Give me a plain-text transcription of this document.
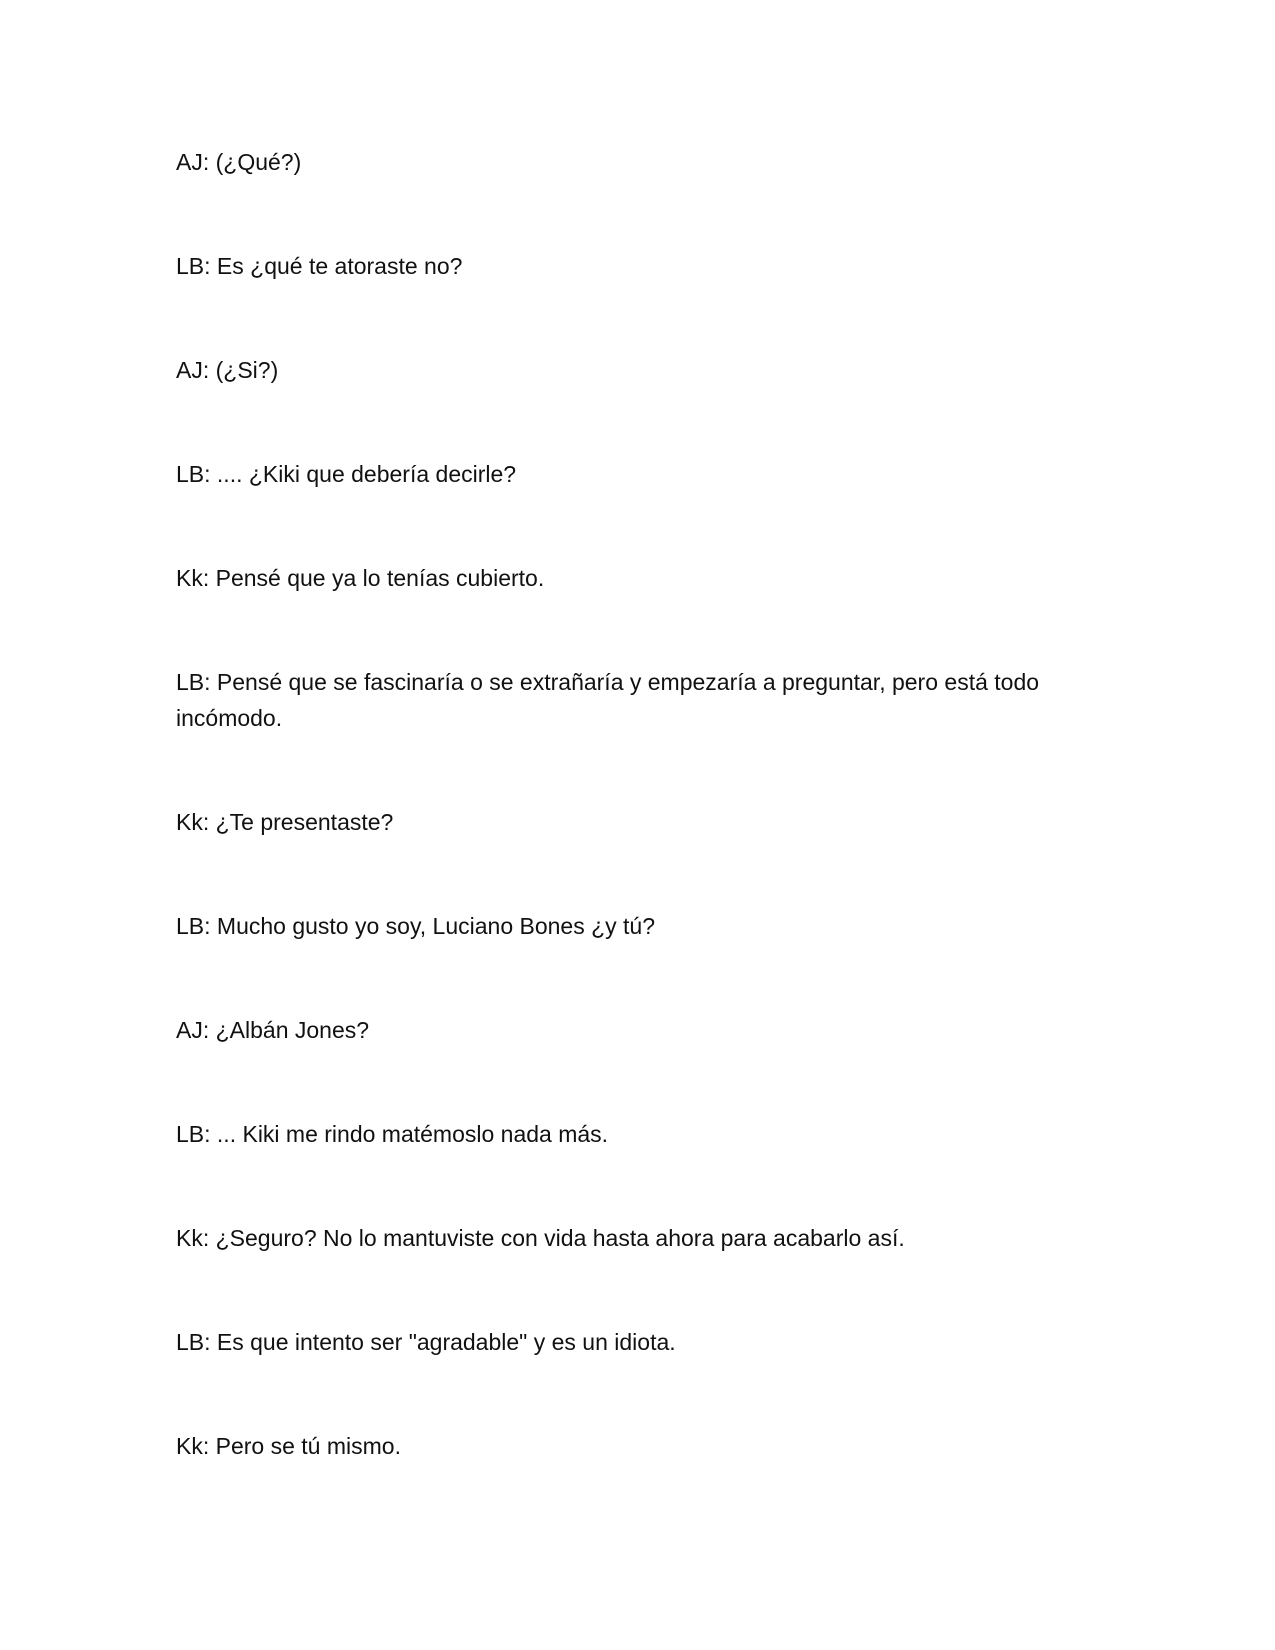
AJ: (¿Qué?)

LB: Es ¿qué te atoraste no?

AJ: (¿Si?)

LB: .... ¿Kiki que debería decirle?

Kk: Pensé que ya lo tenías cubierto.

LB: Pensé que se fascinaría o se extrañaría y empezaría a preguntar, pero está todo incómodo.

Kk: ¿Te presentaste?

LB: Mucho gusto yo soy, Luciano Bones ¿y tú?

AJ: ¿Albán Jones?

LB: ... Kiki me rindo matémoslo nada más.

Kk: ¿Seguro? No lo mantuviste con vida hasta ahora para acabarlo así.

LB: Es que intento ser "agradable" y es un idiota.

Kk: Pero se tú mismo.
